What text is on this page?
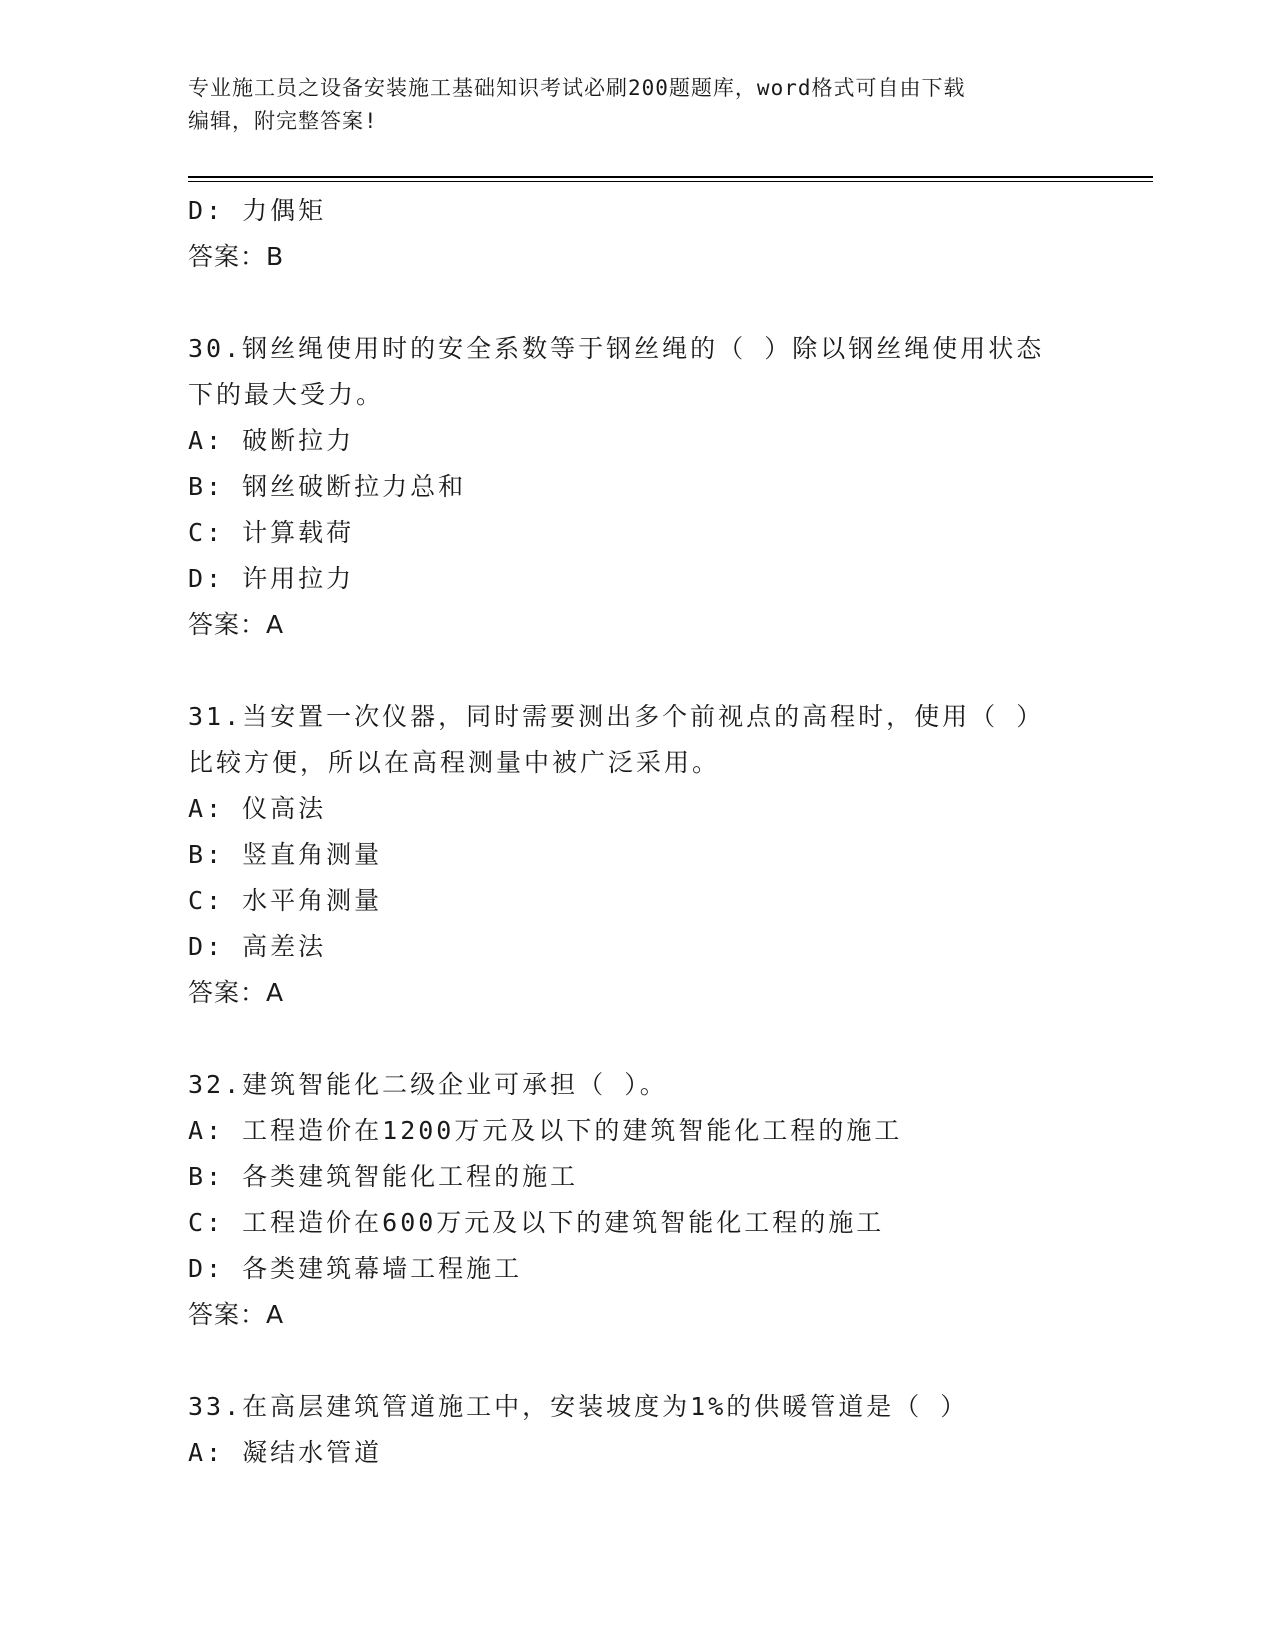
专业施工员之设备安装施工基础知识考试必刷200题题库，word格式可自由下载
编辑，附完整答案!
D: 力偶矩
答案：B
30.钢丝绳使用时的安全系数等于钢丝绳的（ ）除以钢丝绳使用状态
下的最大受力。
A: 破断拉力
B: 钢丝破断拉力总和
C: 计算载荷
D: 许用拉力
答案：A
31.当安置一次仪器，同时需要测出多个前视点的高程时，使用（ ）
比较方便，所以在高程测量中被广泛采用。
A: 仪高法
B: 竖直角测量
C: 水平角测量
D: 高差法
答案：A
32.建筑智能化二级企业可承担（ ）。
A: 工程造价在1200万元及以下的建筑智能化工程的施工
B: 各类建筑智能化工程的施工
C: 工程造价在600万元及以下的建筑智能化工程的施工
D: 各类建筑幕墙工程施工
答案：A
33.在高层建筑管道施工中，安装坡度为1%的供暖管道是（ ）
A: 凝结水管道
